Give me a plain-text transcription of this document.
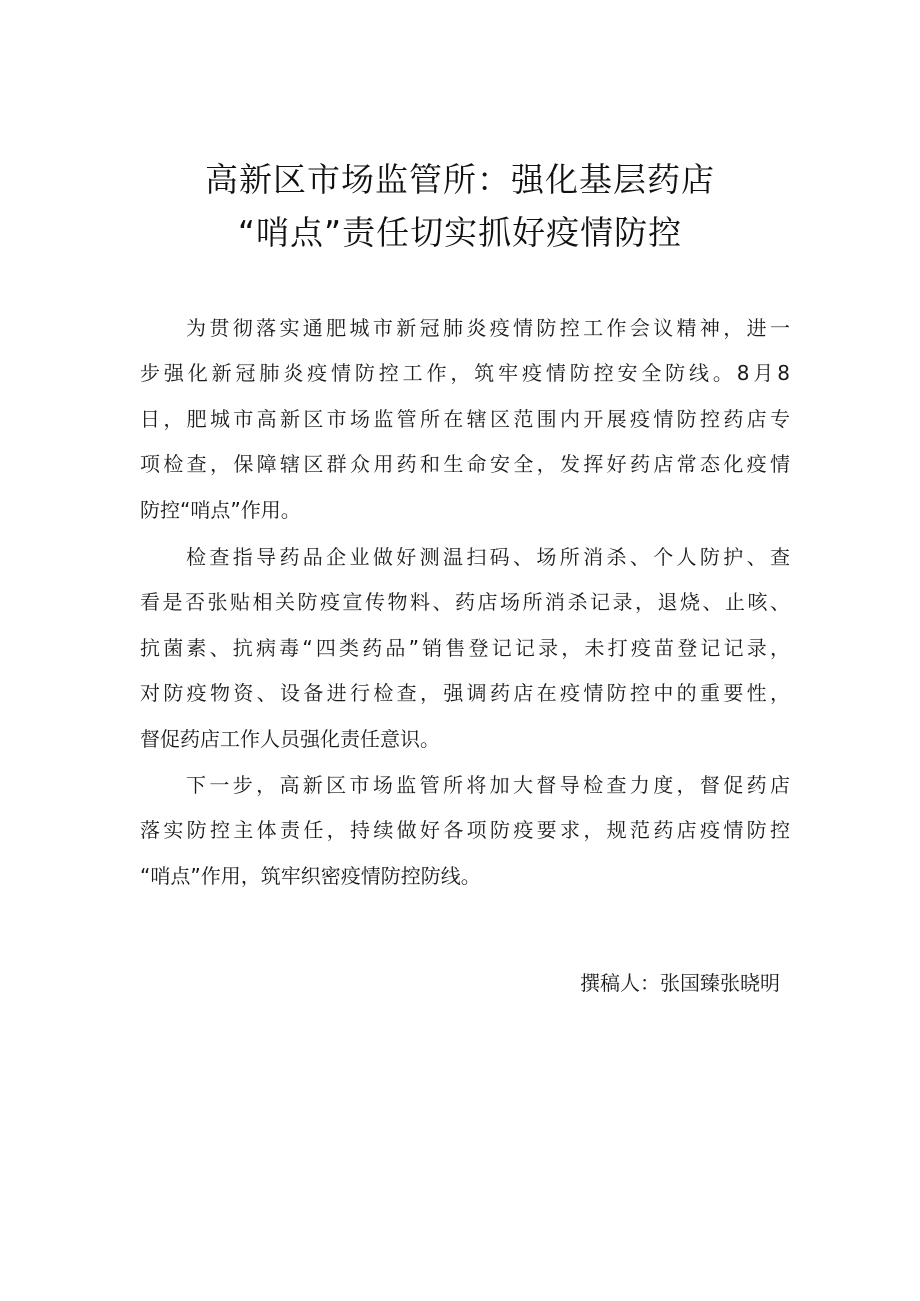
高新区市场监管所：强化基层药店
“哨点”责任切实抓好疫情防控
为贯彻落实通肥城市新冠肺炎疫情防控工作会议精神，进一
步强化新冠肺炎疫情防控工作，筑牢疫情防控安全防线。8月8
日，肥城市高新区市场监管所在辖区范围内开展疫情防控药店专
项检查，保障辖区群众用药和生命安全，发挥好药店常态化疫情
防控“哨点”作用。
检查指导药品企业做好测温扫码、场所消杀、个人防护、查
看是否张贴相关防疫宣传物料、药店场所消杀记录，退烧、止咳、
抗菌素、抗病毒“四类药品”销售登记记录，未打疫苗登记记录，
对防疫物资、设备进行检查，强调药店在疫情防控中的重要性，
督促药店工作人员强化责任意识。
下一步，高新区市场监管所将加大督导检查力度，督促药店
落实防控主体责任，持续做好各项防疫要求，规范药店疫情防控
“哨点”作用，筑牢织密疫情防控防线。
撰稿人：张国臻张晓明
